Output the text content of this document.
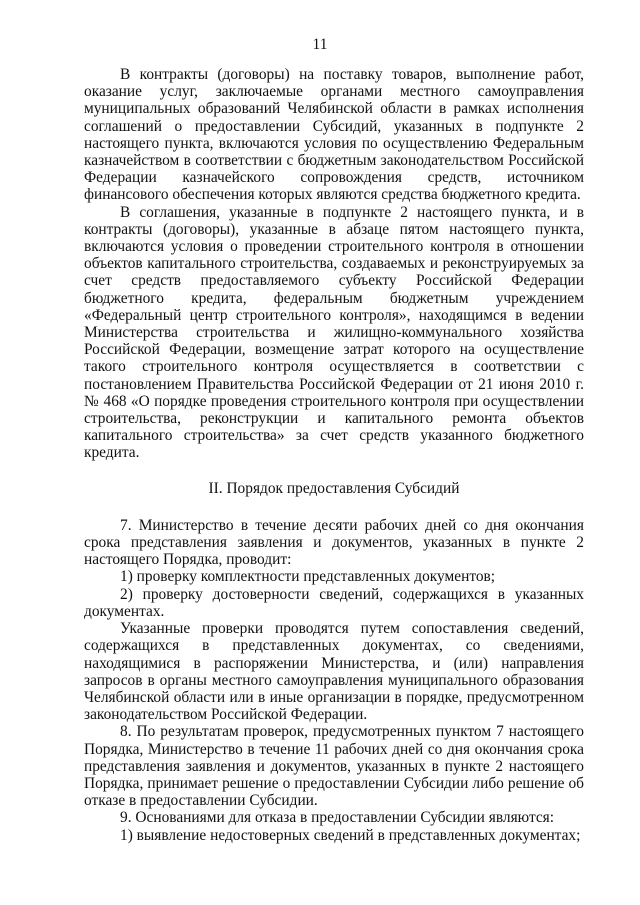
11

В контракты (договоры) на поставку товаров, выполнение работ, оказание услуг, заключаемые органами местного самоуправления муниципальных образований Челябинской области в рамках исполнения соглашений о предоставлении Субсидий, указанных в подпункте 2 настоящего пункта, включаются условия по осуществлению Федеральным казначейством в соответствии с бюджетным законодательством Российской Федерации казначейского сопровождения средств, источником финансового обеспечения которых являются средства бюджетного кредита.

В соглашения, указанные в подпункте 2 настоящего пункта, и в контракты (договоры), указанные в абзаце пятом настоящего пункта, включаются условия о проведении строительного контроля в отношении объектов капитального строительства, создаваемых и реконструируемых за счет средств предоставляемого субъекту Российской Федерации бюджетного кредита, федеральным бюджетным учреждением «Федеральный центр строительного контроля», находящимся в ведении Министерства строительства и жилищно-коммунального хозяйства Российской Федерации, возмещение затрат которого на осуществление такого строительного контроля осуществляется в соответствии с постановлением Правительства Российской Федерации от 21 июня 2010 г. № 468 «О порядке проведения строительного контроля при осуществлении строительства, реконструкции и капитального ремонта объектов капитального строительства» за счет средств указанного бюджетного кредита.

II. Порядок предоставления Субсидий

7. Министерство в течение десяти рабочих дней со дня окончания срока представления заявления и документов, указанных в пункте 2 настоящего Порядка, проводит:

1) проверку комплектности представленных документов;

2) проверку достоверности сведений, содержащихся в указанных документах.

Указанные проверки проводятся путем сопоставления сведений, содержащихся в представленных документах, со сведениями, находящимися в распоряжении Министерства, и (или) направления запросов в органы местного самоуправления муниципального образования Челябинской области или в иные организации в порядке, предусмотренном законодательством Российской Федерации.

8. По результатам проверок, предусмотренных пунктом 7 настоящего Порядка, Министерство в течение 11 рабочих дней со дня окончания срока представления заявления и документов, указанных в пункте 2 настоящего Порядка, принимает решение о предоставлении Субсидии либо решение об отказе в предоставлении Субсидии.

9. Основаниями для отказа в предоставлении Субсидии являются:

1) выявление недостоверных сведений в представленных документах;
